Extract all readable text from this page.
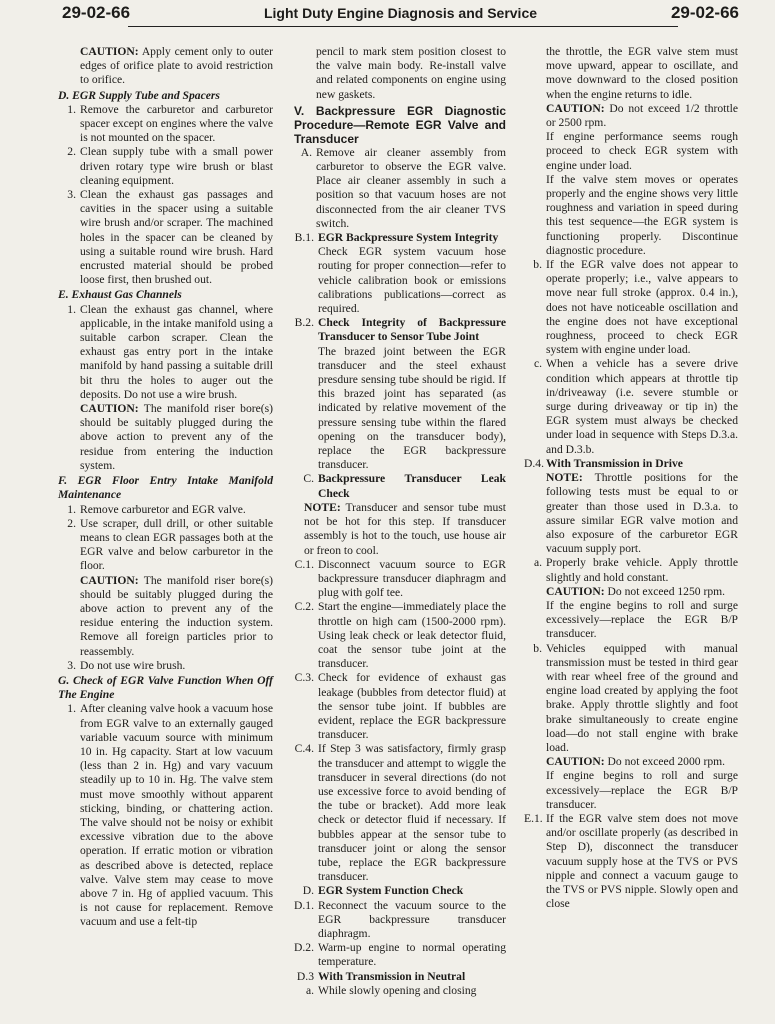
29-02-66	Light Duty Engine Diagnosis and Service	29-02-66

CAUTION: Apply cement only to outer edges of orifice plate to avoid restriction to orifice.

D. EGR Supply Tube and Spacers

1. Remove the carburetor and carburetor spacer except on engines where the valve is not mounted on the spacer.
2. Clean supply tube with a small power driven rotary type wire brush or blast cleaning equipment.
3. Clean the exhaust gas passages and cavities in the spacer using a suitable wire brush and/or scraper. The machined holes in the spacer can be cleaned by using a suitable round wire brush. Hard encrusted material should be probed loose first, then brushed out.

E. Exhaust Gas Channels

1. Clean the exhaust gas channel, where applicable, in the intake manifold using a suitable carbon scraper. Clean the exhaust gas entry port in the intake manifold by hand passing a suitable drill bit thru the holes to auger out the deposits. Do not use a wire brush.

CAUTION: The manifold riser bore(s) should be suitably plugged during the above action to prevent any of the residue from entering the induction system.

F. EGR Floor Entry Intake Manifold Maintenance

1. Remove carburetor and EGR valve.
2. Use scraper, dull drill, or other suitable means to clean EGR passages both at the EGR valve and below carburetor in the floor.

CAUTION: The manifold riser bore(s) should be suitably plugged during the above action to prevent any of the residue entering the induction system. Remove all foreign particles prior to reassembly.

3. Do not use wire brush.

G. Check of EGR Valve Function When Off The Engine

1. After cleaning valve hook a vacuum hose from EGR valve to an externally gauged variable vacuum source with minimum 10 in. Hg capacity. Start at low vacuum (less than 2 in. Hg) and vary vacuum steadily up to 10 in. Hg. The valve stem must move smoothly without apparent sticking, binding, or chattering action. The valve should not be noisy or exhibit excessive vibration due to the above operation. If erratic motion or vibration as described above is detected, replace valve. Valve stem may cease to move above 7 in. Hg of applied vacuum. This is not cause for replacement. Remove vacuum and use a felt-tip

pencil to mark stem position closest to the valve main body. Re-install valve and related components on engine using new gaskets.

V. Backpressure EGR Diagnostic Procedure—Remote EGR Valve and Transducer

A. Remove air cleaner assembly from carburetor to observe the EGR valve. Place air cleaner assembly in such a position so that vacuum hoses are not disconnected from the air cleaner TVS switch.
B.1. EGR Backpressure System Integrity
Check EGR system vacuum hose routing for proper connection—refer to vehicle calibration book or emissions calibrations publications—correct as required.
B.2. Check Integrity of Backpressure Transducer to Sensor Tube Joint
The brazed joint between the EGR transducer and the steel exhaust presdure sensing tube should be rigid. If this brazed joint has separated (as indicated by relative movement of the pressure sensing tube within the flared opening on the transducer body), replace the EGR backpressure transducer.
C. Backpressure Transducer Leak Check

NOTE: Transducer and sensor tube must not be hot for this step. If transducer assembly is hot to the touch, use house air or freon to cool.

C.1. Disconnect vacuum source to EGR backpressure transducer diaphragm and plug with golf tee.
C.2. Start the engine—immediately place the throttle on high cam (1500-2000 rpm). Using leak check or leak detector fluid, coat the sensor tube joint at the transducer.
C.3. Check for evidence of exhaust gas leakage (bubbles from detector fluid) at the sensor tube joint. If bubbles are evident, replace the EGR backpressure transducer.
C.4. If Step 3 was satisfactory, firmly grasp the transducer and attempt to wiggle the transducer in several directions (do not use excessive force to avoid bending of the tube or bracket). Add more leak check or detector fluid if necessary. If bubbles appear at the sensor tube to transducer joint or along the sensor tube, replace the EGR backpressure transducer.
D. EGR System Function Check
D.1. Reconnect the vacuum source to the EGR backpressure transducer diaphragm.
D.2. Warm-up engine to normal operating temperature.
D.3 With Transmission in Neutral
a. While slowly opening and closing

the throttle, the EGR valve stem must move upward, appear to oscillate, and move downward to the closed position when the engine returns to idle.

CAUTION: Do not exceed 1/2 throttle or 2500 rpm.

If engine performance seems rough proceed to check EGR system with engine under load.

If the valve stem moves or operates properly and the engine shows very little roughness and variation in speed during this test sequence—the EGR system is functioning properly. Discontinue diagnostic procedure.

b. If the EGR valve does not appear to operate properly; i.e., valve appears to move near full stroke (approx. 0.4 in.), does not have noticeable oscillation and the engine does not have exceptional roughness, proceed to check EGR system with engine under load.
c. When a vehicle has a severe drive condition which appears at throttle tip in/driveaway (i.e. severe stumble or surge during driveaway or tip in) the EGR system must always be checked under load in sequence with Steps D.3.a. and D.3.b.
D.4. With Transmission in Drive

NOTE: Throttle positions for the following tests must be equal to or greater than those used in D.3.a. to assure similar EGR valve motion and also exposure of the carburetor EGR vacuum supply port.

a. Properly brake vehicle. Apply throttle slightly and hold constant.

CAUTION: Do not exceed 1250 rpm.

If the engine begins to roll and surge excessively—replace the EGR B/P transducer.

b. Vehicles equipped with manual transmission must be tested in third gear with rear wheel free of the ground and engine load created by applying the foot brake. Apply throttle slightly and foot brake simultaneously to create engine load—do not stall engine with brake load.

CAUTION: Do not exceed 2000 rpm.

If engine begins to roll and surge excessively—replace the EGR B/P transducer.

E.1. If the EGR valve stem does not move and/or oscillate properly (as described in Step D), disconnect the transducer vacuum supply hose at the TVS or PVS nipple and connect a vacuum gauge to the TVS or PVS nipple. Slowly open and close
